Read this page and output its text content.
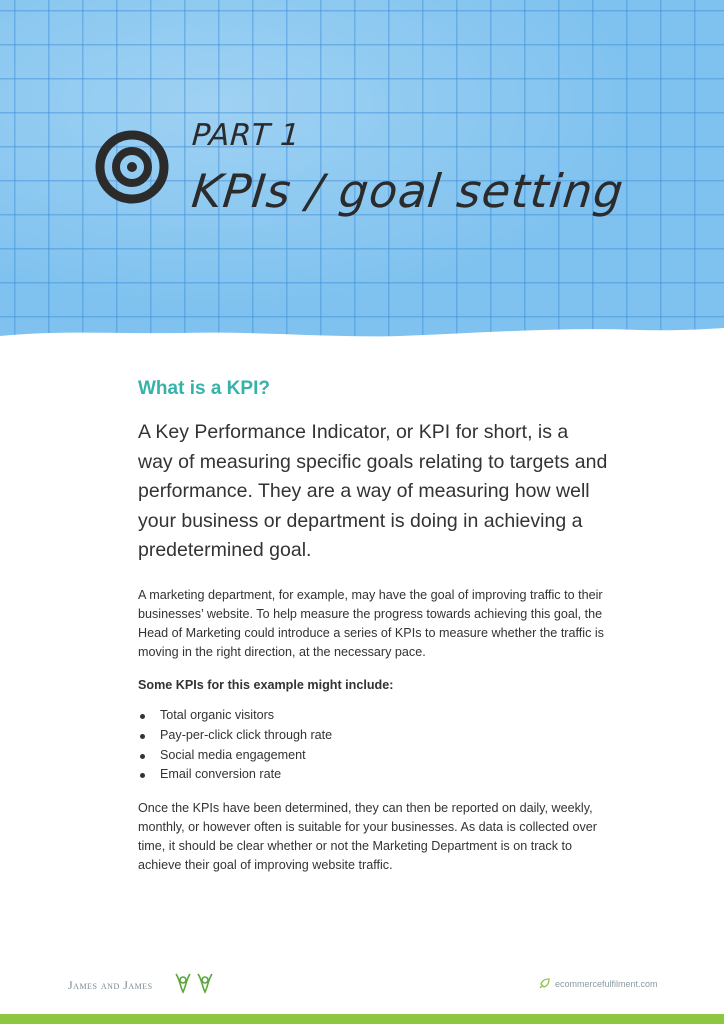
PART 1
KPIs / goal setting
What is a KPI?

A Key Performance Indicator, or KPI for short, is a way of measuring specific goals relating to targets and performance. They are a way of measuring how well your business or department is doing in achieving a predetermined goal.

A marketing department, for example, may have the goal of improving traffic to their businesses’ website. To help measure the progress towards achieving this goal, the Head of Marketing could introduce a series of KPIs to measure whether the traffic is moving in the right direction, at the necessary pace.

Some KPIs for this example might include:

Total organic visitors
Pay-per-click click through rate
Social media engagement
Email conversion rate

Once the KPIs have been determined, they can then be reported on daily, weekly, monthly, or however often is suitable for your businesses. As data is collected over time, it should be clear whether or not the Marketing Department is on track to achieve their goal of improving website traffic.

James and James	ecommercefulfilment.com
